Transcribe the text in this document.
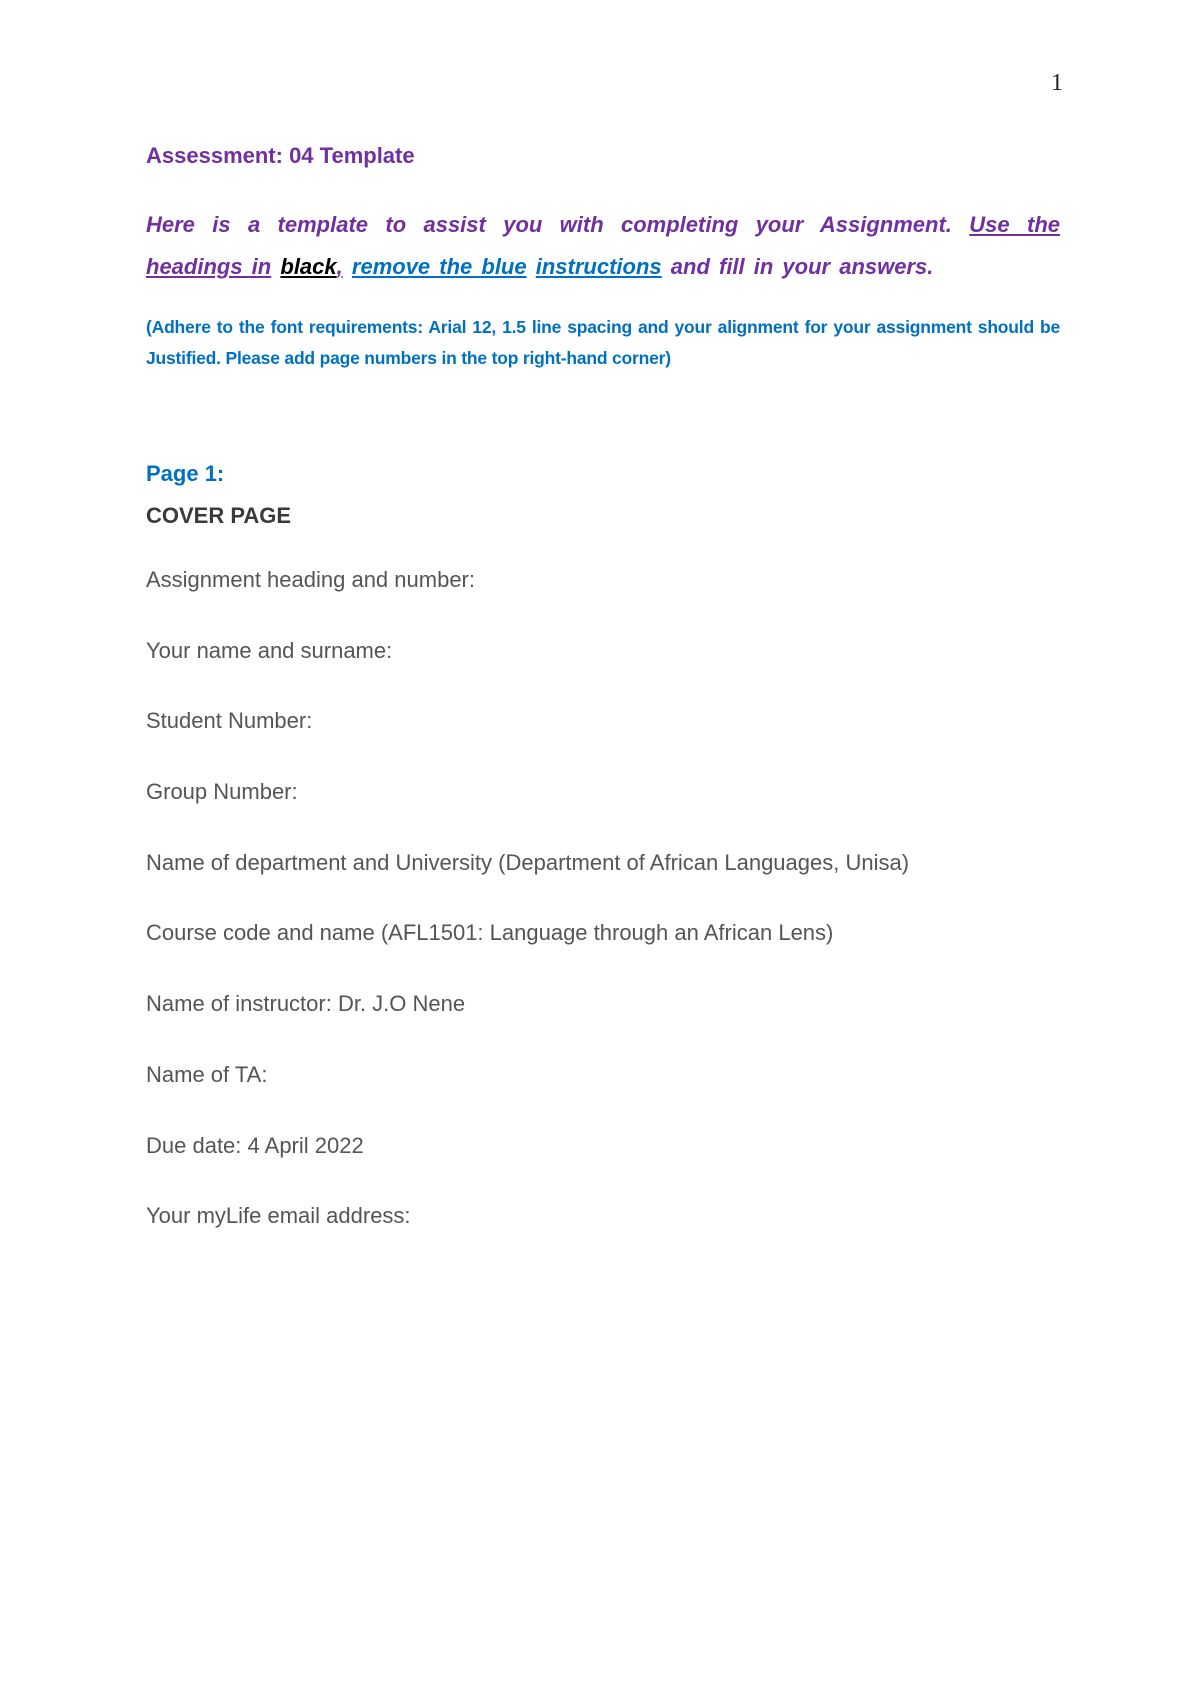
1

Assessment: 04 Template

Here is a template to assist you with completing your Assignment. Use the headings in black, remove the blue instructions and fill in your answers.
(Adhere to the font requirements: Arial 12, 1.5 line spacing and your alignment for your assignment should be Justified. Please add page numbers in the top right-hand corner)
Page 1:
COVER PAGE
Assignment heading and number:
Your name and surname:
Student Number:
Group Number:
Name of department and University (Department of African Languages, Unisa)
Course code and name (AFL1501: Language through an African Lens)
Name of instructor: Dr. J.O Nene
Name of TA:
Due date: 4 April 2022
Your myLife email address:
